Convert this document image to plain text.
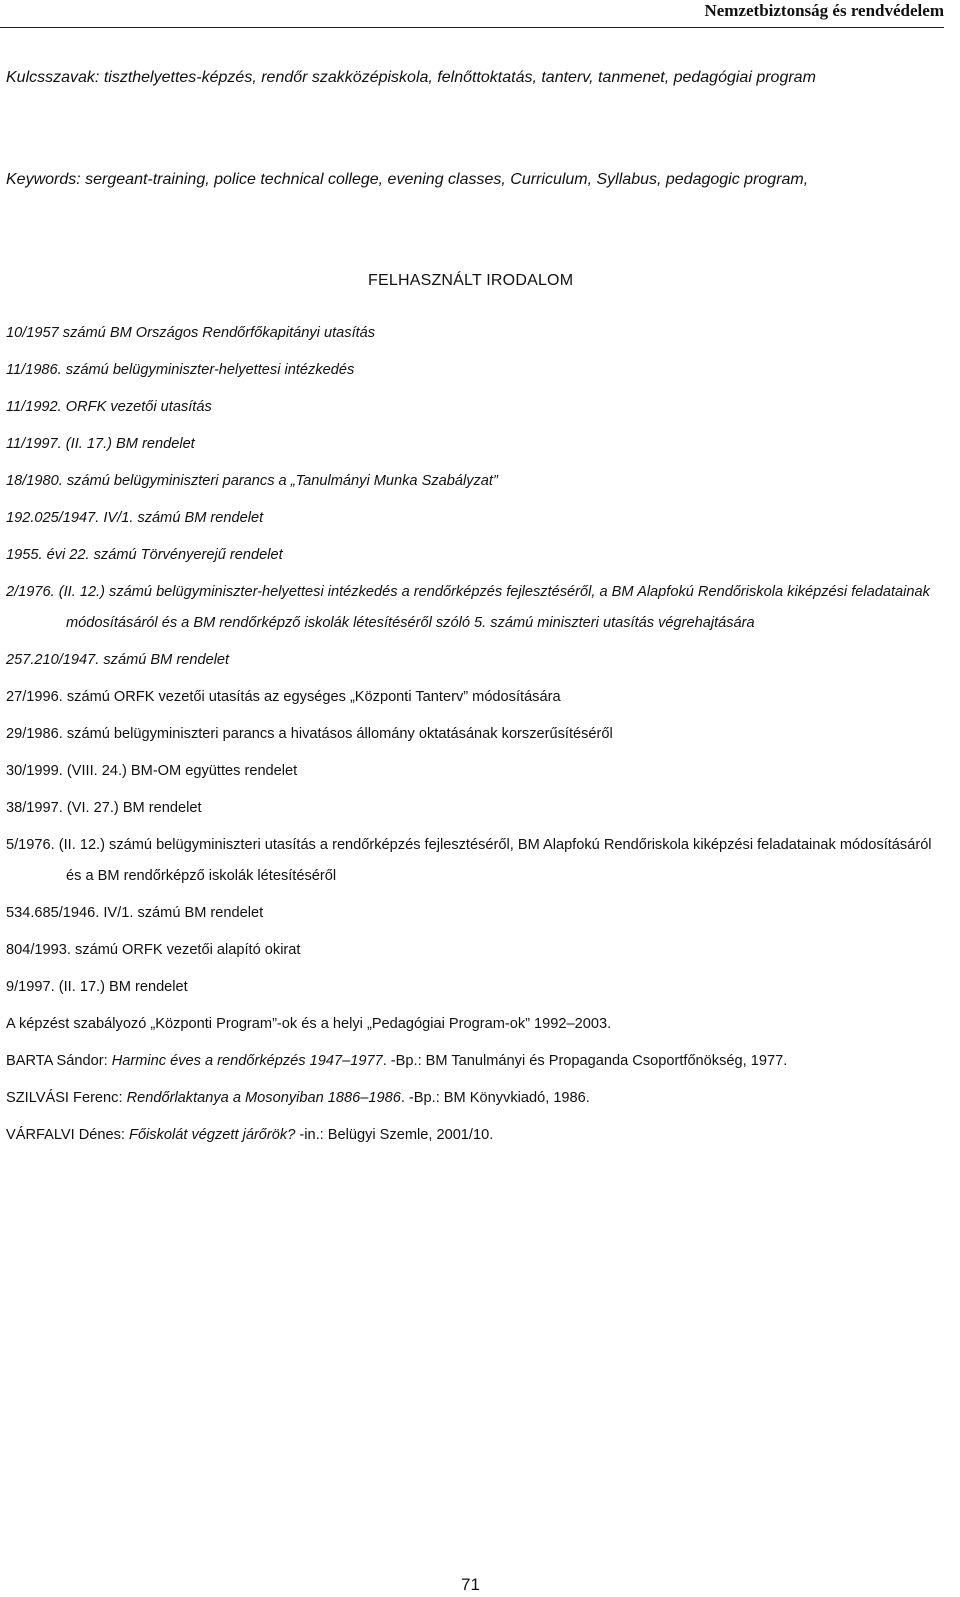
Nemzetbiztonság és rendvédelem
Kulcsszavak: tiszthelyettes-képzés, rendőr szakközépiskola, felnőttoktatás, tanterv, tanmenet, pedagógiai program
Keywords: sergeant-training, police technical college, evening classes, Curriculum, Syllabus, pedagogic program,
FELHASZNÁLT IRODALOM
10/1957 számú BM Országos Rendőrfőkapitányi utasítás
11/1986. számú belügyminiszter-helyettesi intézkedés
11/1992. ORFK vezetői utasítás
11/1997. (II. 17.) BM rendelet
18/1980. számú belügyminiszteri parancs a „Tanulmányi Munka Szabályzat”
192.025/1947. IV/1. számú BM rendelet
1955. évi 22. számú Törvényerejű rendelet
2/1976. (II. 12.) számú belügyminiszter-helyettesi intézkedés a rendőrképzés fejlesztéséről, a BM Alapfokú Rendőriskola kiképzési feladatainak módosításáról és a BM rendőrképző iskolák létesítéséről szóló 5. számú miniszteri utasítás végrehajtására
257.210/1947. számú BM rendelet
27/1996. számú ORFK vezetői utasítás az egységes „Központi Tanterv” módosítására
29/1986. számú belügyminiszteri parancs a hivatásos állomány oktatásának korszerűsítéséről
30/1999. (VIII. 24.) BM-OM együttes rendelet
38/1997. (VI. 27.) BM rendelet
5/1976. (II. 12.) számú belügyminiszteri utasítás a rendőrképzés fejlesztéséről, BM Alapfokú Rendőriskola kiképzési feladatainak módosításáról és a BM rendőrképző iskolák létesítéséről
534.685/1946. IV/1. számú BM rendelet
804/1993. számú ORFK vezetői alapító okirat
9/1997. (II. 17.) BM rendelet
A képzést szabályozó „Központi Program”-ok és a helyi „Pedagógiai Program-ok” 1992–2003.
BARTA Sándor: Harminc éves a rendőrképzés 1947–1977. -Bp.: BM Tanulmányi és Propaganda Csoportfőnökség, 1977.
SZILVÁSI Ferenc: Rendőrlaktanya a Mosonyiban 1886–1986. -Bp.: BM Könyvkiadó, 1986.
VÁRFALVI Dénes: Főiskolát végzett járőrök? -in.: Belügyi Szemle, 2001/10.
71
